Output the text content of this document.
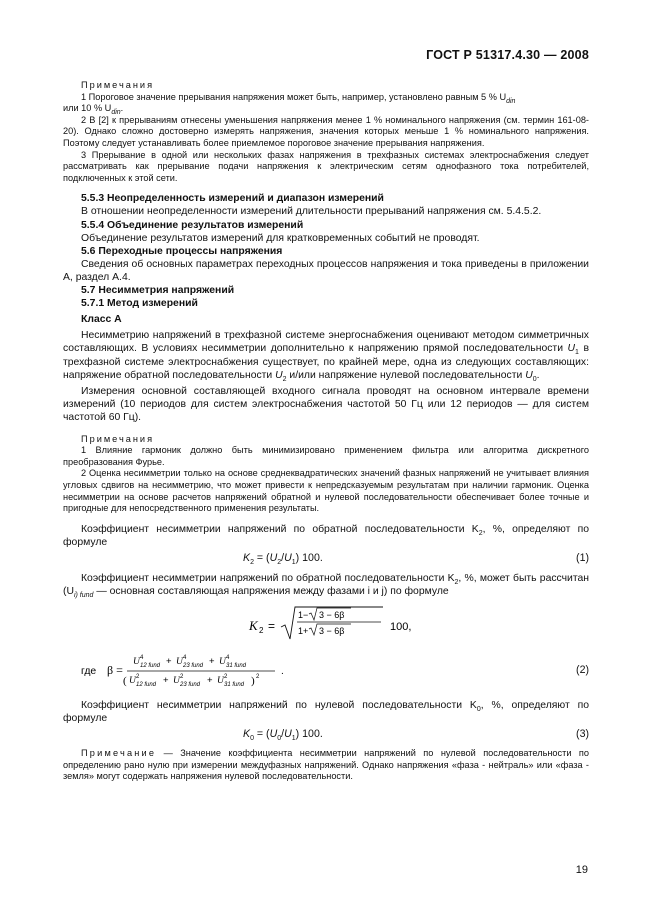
ГОСТ Р 51317.4.30 — 2008

Примечания

1 Пороговое значение прерывания напряжения может быть, например, установлено равным 5 % $U_{din}$

или 10 % $U_{din}$.

2 В [2] к прерываниям отнесены уменьшения напряжения менее 1 % номинального напряжения (см. термин 161-08-20). Однако сложно достоверно измерять напряжения, значения которых меньше 1 % номинального напряжения. Поэтому следует устанавливать более приемлемое пороговое значение прерывания напряжения.

3 Прерывание в одной или нескольких фазах напряжения в трехфазных системах электроснабжения следует рассматривать как прерывание подачи напряжения к электрическим сетям однофазного тока потребителей, подключенных к этой сети.

5.5.3 Неопределенность измерений и диапазон измерений

В отношении неопределенности измерений длительности прерываний напряжения см. 5.4.5.2.

5.5.4 Объединение результатов измерений

Объединение результатов измерений для кратковременных событий не проводят.

5.6 Переходные процессы напряжения

Сведения об основных параметрах переходных процессов напряжения и тока приведены в приложении А, раздел А.4.

5.7 Несимметрия напряжений

5.7.1 Метод измерений

Класс А

Несимметрию напряжений в трехфазной системе энергоснабжения оценивают методом симметричных составляющих. В условиях несимметрии дополнительно к напряжению прямой последовательности $U_1$ в трехфазной системе электроснабжения существует, по крайней мере, одна из следующих составляющих: напряжение обратной последовательности $U_2$ и/или напряжение нулевой последовательности $U_0$.

Измерения основной составляющей входного сигнала проводят на основном интервале времени измерений (10 периодов для систем электроснабжения частотой 50 Гц или 12 периодов — для систем частотой 60 Гц).

Примечания

1 Влияние гармоник должно быть минимизировано применением фильтра или алгоритма дискретного преобразования Фурье.

2 Оценка несимметрии только на основе среднеквадратических значений фазных напряжений не учитывает влияния угловых сдвигов на несимметрию, что может привести к непредсказуемым результатам при наличии гармоник. Оценка несимметрии на основе расчетов напряжений обратной и нулевой последовательности обеспечивает более точные и пригодные для непосредственного применения результаты.

Коэффициент несимметрии напряжений по обратной последовательности $K_2$, %, определяют по формуле

$K_2 = (U_2/U_1)$ 100.	(1)

Коэффициент несимметрии напряжений по обратной последовательности $K_2$, %, может быть рассчитан ($U_{i) fund}$ — основная составляющая напряжения между фазами i и j) по формуле

K 2 =
1− 3 − 6β
1+ 3 − 6β	100,
где β =
U 4
12 fund + U 4
23 fund + U 4
31 fund
( U 2
12 fund + U 2
23 fund + U 2
31 fund ) 2 .	(2)

Коэффициент несимметрии напряжений по нулевой последовательности $K_0$, %, определяют по формуле

$K_0 = (U_0/U_1)$ 100.	(3)

Примечание — Значение коэффициента несимметрии напряжений по нулевой последовательности по определению рано нулю при измерении междуфазных напряжений. Однако напряжения «фаза - нейтраль» или «фаза - земля» могут содержать напряжения нулевой последовательности.

19
